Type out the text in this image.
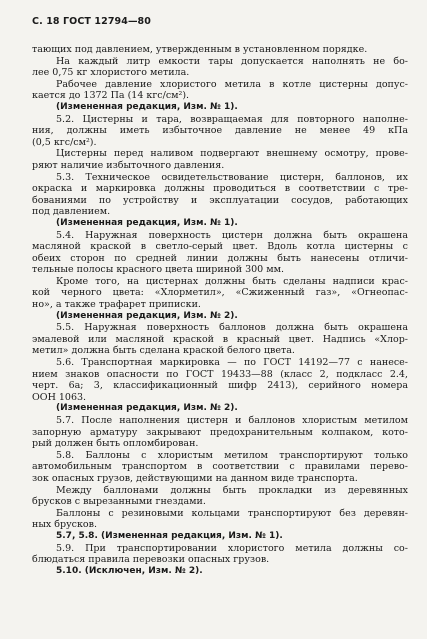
С. 18 ГОСТ 12794—80
тающих под давлением, утвержденным в установленном порядке.
На каждый литр емкости тары допускается наполнять не бо-
лее 0,75 кг хлористого метила.
Рабочее давление хлористого метила в котле цистерны допус-
кается до 1372 Па (14 кгс/см²).
(Измененная редакция, Изм. № 1).
5.2. Цистерны и тара, возвращаемая для повторного наполне-
ния, должны иметь избыточное давление не менее 49 кПа
(0,5 кгс/см²).
Цистерны перед наливом подвергают внешнему осмотру, прове-
ряют наличие избыточного давления.
5.3. Техническое освидетельствование цистерн, баллонов, их
окраска и маркировка должны проводиться в соответствии с тре-
бованиями по устройству и эксплуатации сосудов, работающих
под давлением.
(Измененная редакция, Изм. № 1).
5.4. Наружная поверхность цистерн должна быть окрашена
масляной краской в светло-серый цвет. Вдоль котла цистерны с
обеих сторон по средней линии должны быть нанесены отличи-
тельные полосы красного цвета шириной 300 мм.
Кроме того, на цистернах должны быть сделаны надписи крас-
кой черного цвета: «Хлорметил», «Сжиженный газ», «Огнеопас-
но», а также трафарет приписки.
(Измененная редакция, Изм. № 2).
5.5. Наружная поверхность баллонов должна быть окрашена
эмалевой или масляной краской в красный цвет. Надпись «Хлор-
метил» должна быть сделана краской белого цвета.
5.6. Транспортная маркировка — по ГОСТ 14192—77 с нанесе-
нием знаков опасности по ГОСТ 19433—88 (класс 2, подкласс 2.4,
черт. 6а; 3, классификационный шифр 2413), серийного номера
ООН 1063.
(Измененная редакция, Изм. № 2).
5.7. После наполнения цистерн и баллонов хлористым метилом
запорную арматуру закрывают предохранительным колпаком, кото-
рый должен быть опломбирован.
5.8. Баллоны с хлористым метилом транспортируют только
автомобильным транспортом в соответствии с правилами перево-
зок опасных грузов, действующими на данном виде транспорта.
Между баллонами должны быть прокладки из деревянных
брусков с вырезанными гнездами.
Баллоны с резиновыми кольцами транспортируют без деревян-
ных брусков.
5.7, 5.8. (Измененная редакция, Изм. № 1).
5.9. При транспортировании хлористого метила должны со-
блюдаться правила перевозки опасных грузов.
5.10. (Исключен, Изм. № 2).
